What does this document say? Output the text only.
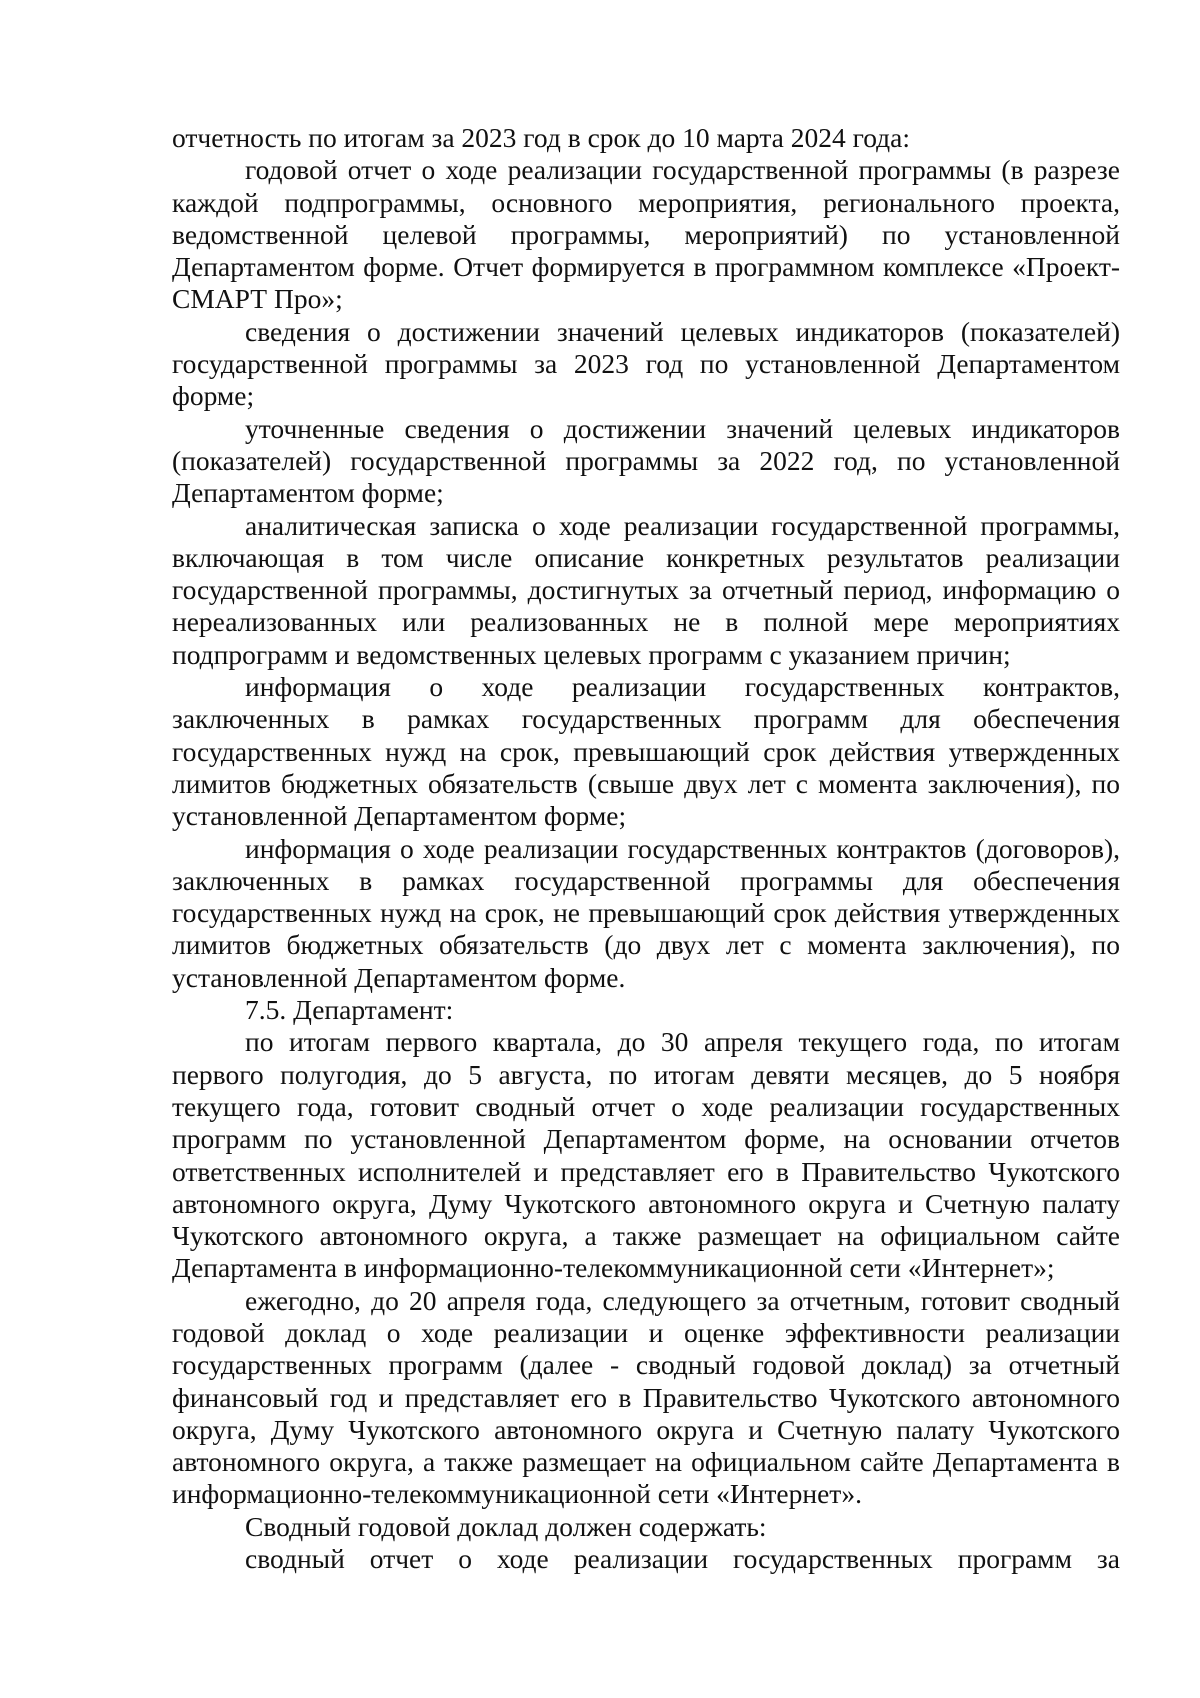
отчетность по итогам за 2023 год в срок до 10 марта 2024 года:

годовой отчет о ходе реализации государственной программы (в разрезе каждой подпрограммы, основного мероприятия, регионального проекта, ведомственной целевой программы, мероприятий) по установленной Департаментом форме. Отчет формируется в программном комплексе «Проект-СМАРТ Про»;

сведения о достижении значений целевых индикаторов (показателей) государственной программы за 2023 год по установленной Департаментом форме;

уточненные сведения о достижении значений целевых индикаторов (показателей) государственной программы за 2022 год, по установленной Департаментом форме;

аналитическая записка о ходе реализации государственной программы, включающая в том числе описание конкретных результатов реализации государственной программы, достигнутых за отчетный период, информацию о нереализованных или реализованных не в полной мере мероприятиях подпрограмм и ведомственных целевых программ с указанием причин;

информация о ходе реализации государственных контрактов, заключенных в рамках государственных программ для обеспечения государственных нужд на срок, превышающий срок действия утвержденных лимитов бюджетных обязательств (свыше двух лет с момента заключения), по установленной Департаментом форме;

информация о ходе реализации государственных контрактов (договоров), заключенных в рамках государственной программы для обеспечения государственных нужд на срок, не превышающий срок действия утвержденных лимитов бюджетных обязательств (до двух лет с момента заключения), по установленной Департаментом форме.

7.5. Департамент:

по итогам первого квартала, до 30 апреля текущего года, по итогам первого полугодия, до 5 августа, по итогам девяти месяцев, до 5 ноября текущего года, готовит сводный отчет о ходе реализации государственных программ по установленной Департаментом форме, на основании отчетов ответственных исполнителей и представляет его в Правительство Чукотского автономного округа, Думу Чукотского автономного округа и Счетную палату Чукотского автономного округа, а также размещает на официальном сайте Департамента в информационно-телекоммуникационной сети «Интернет»;

ежегодно, до 20 апреля года, следующего за отчетным, готовит сводный годовой доклад о ходе реализации и оценке эффективности реализации государственных программ (далее - сводный годовой доклад) за отчетный финансовый год и представляет его в Правительство Чукотского автономного округа, Думу Чукотского автономного округа и Счетную палату Чукотского автономного округа, а также размещает на официальном сайте Департамента в информационно-телекоммуникационной сети «Интернет».

Сводный годовой доклад должен содержать:

сводный отчет о ходе реализации государственных программ за
